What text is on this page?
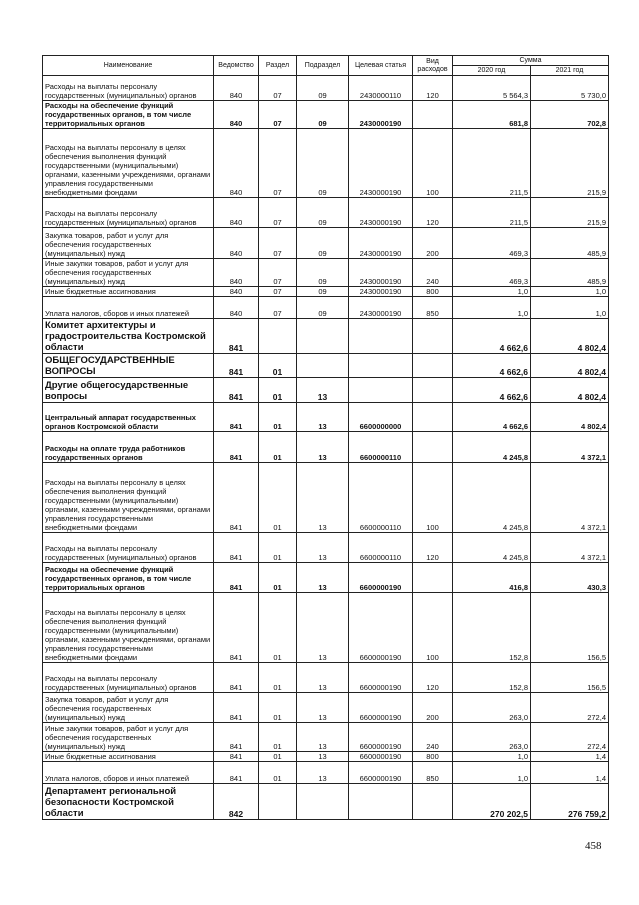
Наименование	Ведомство	Раздел	Подраздел	Целевая статья	Вид расходов	Сумма	
						2020 год	2021 год
Расходы на выплаты персоналу государственных (муниципальных) органов	840	07	09	2430000110	120	5 564,3	5 730,0
Расходы на обеспечение функций государственных органов, в том числе территориальных органов	840	07	09	2430000190		681,8	702,8
Расходы на выплаты персоналу в целях обеспечения выполнения функций государственными (муниципальными) органами, казенными учреждениями, органами управления государственными внебюджетными фондами	840	07	09	2430000190	100	211,5	215,9
Расходы на выплаты персоналу государственных (муниципальных) органов	840	07	09	2430000190	120	211,5	215,9
Закупка товаров, работ и услуг для обеспечения государственных (муниципальных) нужд	840	07	09	2430000190	200	469,3	485,9
Иные закупки товаров, работ и услуг для обеспечения государственных (муниципальных) нужд	840	07	09	2430000190	240	469,3	485,9
Иные бюджетные ассигнования	840	07	09	2430000190	800	1,0	1,0
Уплата налогов, сборов и иных платежей	840	07	09	2430000190	850	1,0	1,0
Комитет архитектуры и градостроительства Костромской области	841					4 662,6	4 802,4
ОБЩЕГОСУДАРСТВЕННЫЕ ВОПРОСЫ	841	01				4 662,6	4 802,4
Другие общегосударственные вопросы	841	01	13			4 662,6	4 802,4
Центральный аппарат государственных органов Костромской области	841	01	13	6600000000		4 662,6	4 802,4
Расходы на оплате труда работников государственных органов	841	01	13	6600000110		4 245,8	4 372,1
Расходы на выплаты персоналу в целях обеспечения выполнения функций государственными (муниципальными) органами, казенными учреждениями, органами управления государственными внебюджетными фондами	841	01	13	6600000110	100	4 245,8	4 372,1
Расходы на выплаты персоналу государственных (муниципальных) органов	841	01	13	6600000110	120	4 245,8	4 372,1
Расходы на обеспечение функций государственных органов, в том числе территориальных органов	841	01	13	6600000190		416,8	430,3
Расходы на выплаты персоналу в целях обеспечения выполнения функций государственными (муниципальными) органами, казенными учреждениями, органами управления государственными внебюджетными фондами	841	01	13	6600000190	100	152,8	156,5
Расходы на выплаты персоналу государственных (муниципальных) органов	841	01	13	6600000190	120	152,8	156,5
Закупка товаров, работ и услуг для обеспечения государственных (муниципальных) нужд	841	01	13	6600000190	200	263,0	272,4
Иные закупки товаров, работ и услуг для обеспечения государственных (муниципальных) нужд	841	01	13	6600000190	240	263,0	272,4
Иные бюджетные ассигнования	841	01	13	6600000190	800	1,0	1,4
Уплата налогов, сборов и иных платежей	841	01	13	6600000190	850	1,0	1,4
Департамент региональной безопасности Костромской области	842					270 202,5	276 759,2
458
